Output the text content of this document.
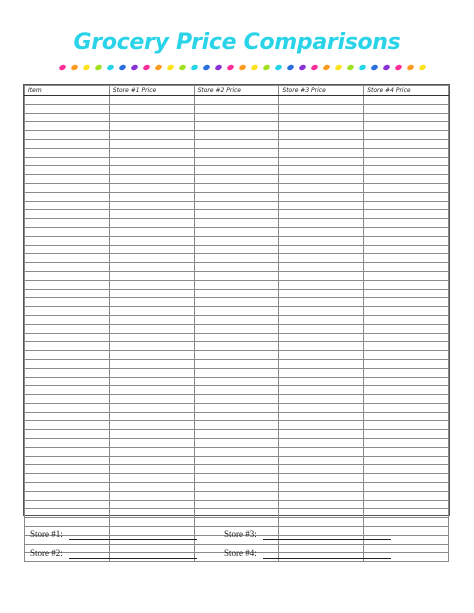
Grocery Price Comparisons
Item	Store #1 Price	Store #2 Price	Store #3 Price	Store #4 Price

Store #1:
Store #2:
Store #3:
Store #4:
